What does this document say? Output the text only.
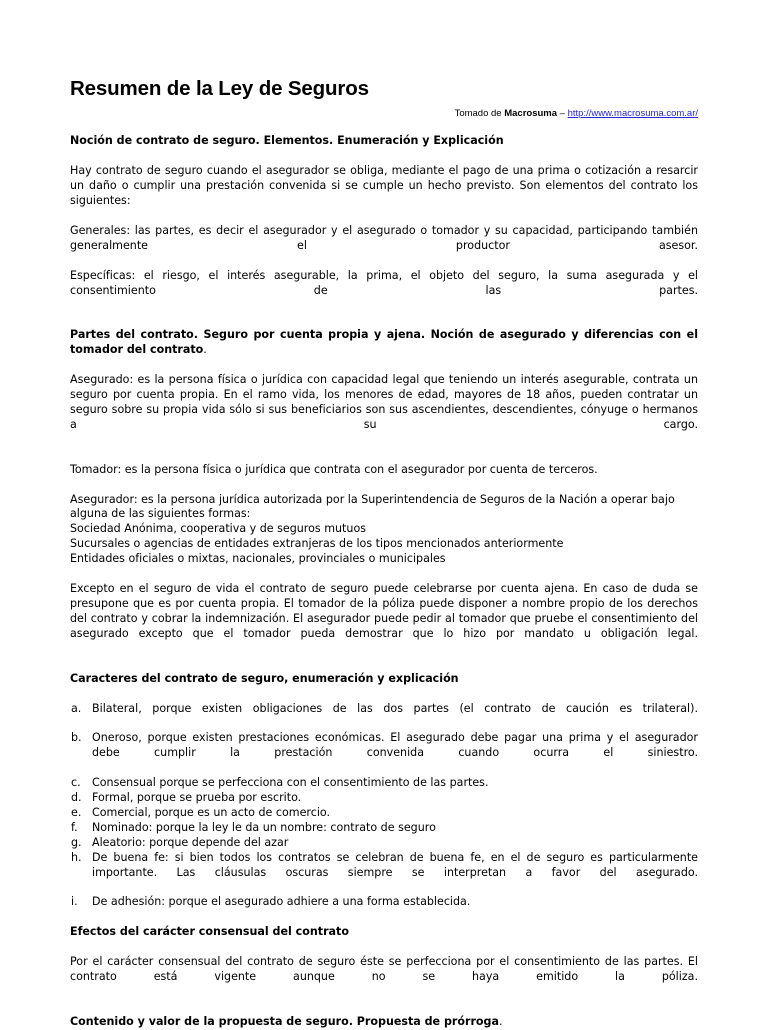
Resumen de la Ley de Seguros
Tomado de Macrosuma – http://www.macrosuma.com.ar/
Noción de contrato de seguro. Elementos. Enumeración y Explicación

Hay contrato de seguro cuando el asegurador se obliga, mediante el pago de una prima o cotización a resarcir un daño o cumplir una prestación convenida si se cumple un hecho previsto. Son elementos del contrato los siguientes:

Generales: las partes, es decir el asegurador y el asegurado o tomador y su capacidad, participando también generalmente el productor asesor.

Específicas: el riesgo, el interés asegurable, la prima, el objeto del seguro, la suma asegurada y el consentimiento de las partes.

Partes del contrato. Seguro por cuenta propia y ajena. Noción de asegurado y diferencias con el tomador del contrato.

Asegurado: es la persona física o jurídica con capacidad legal que teniendo un interés asegurable, contrata un seguro por cuenta propia. En el ramo vida, los menores de edad, mayores de 18 años, pueden contratar un seguro sobre su propia vida sólo si sus beneficiarios son sus ascendientes, descendientes, cónyuge o hermanos a su cargo.

Tomador: es la persona física o jurídica que contrata con el asegurador por cuenta de terceros.

Asegurador: es la persona jurídica autorizada por la Superintendencia de Seguros de la Nación a operar bajo alguna de las siguientes formas:

Sociedad Anónima, cooperativa y de seguros mutuos

Sucursales o agencias de entidades extranjeras de los tipos mencionados anteriormente

Entidades oficiales o mixtas, nacionales, provinciales o municipales

Excepto en el seguro de vida el contrato de seguro puede celebrarse por cuenta ajena. En caso de duda se presupone que es por cuenta propia. El tomador de la póliza puede disponer a nombre propio de los derechos del contrato y cobrar la indemnización. El asegurador puede pedir al tomador que pruebe el consentimiento del asegurado excepto que el tomador pueda demostrar que lo hizo por mandato u obligación legal.

Caracteres del contrato de seguro, enumeración y explicación
a. Bilateral, porque existen obligaciones de las dos partes (el contrato de caución es trilateral).
b. Oneroso, porque existen prestaciones económicas. El asegurado debe pagar una prima y el asegurador debe cumplir la prestación convenida cuando ocurra el siniestro.
c.	Consensual porque se perfecciona con el consentimiento de las partes.
d. Formal, porque se prueba por escrito.
e. Comercial, porque es un acto de comercio.
f.	Nominado: porque la ley le da un nombre: contrato de seguro
g. Aleatorio: porque depende del azar
h. De buena fe: si bien todos los contratos se celebran de buena fe, en el de seguro es particularmente importante. Las cláusulas oscuras siempre se interpretan a favor del asegurado.
i.	De adhesión: porque el asegurado adhiere a una forma establecida.
Efectos del carácter consensual del contrato

Por el carácter consensual del contrato de seguro éste se perfecciona por el consentimiento de las partes. El contrato está vigente aunque no se haya emitido la póliza.

Contenido y valor de la propuesta de seguro. Propuesta de prórroga.
